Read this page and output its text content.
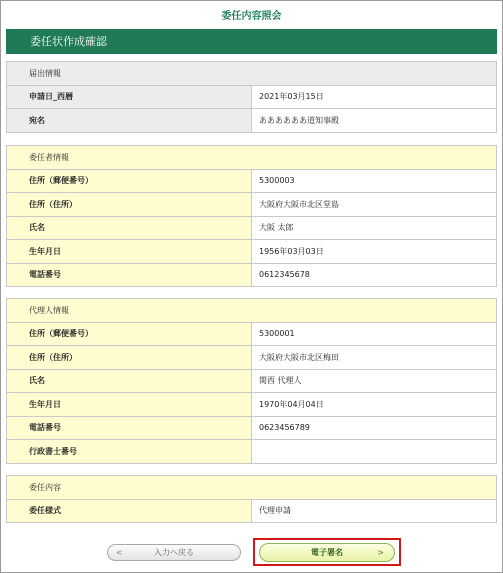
委任内容照会
委任状作成確認
届出情報	
申請日_西暦	2021年03月15日
宛名	ああああああ道知事殿
委任者情報	
住所（郵便番号）	5300003
住所（住所）	大阪府大阪市北区堂島
氏名	大阪 太郎
生年月日	1956年03月03日
電話番号	0612345678
代理人情報	
住所（郵便番号）	5300001
住所（住所）	大阪府大阪市北区梅田
氏名	関西 代理人
生年月日	1970年04月04日
電話番号	0623456789
行政書士番号	
委任内容
委任様式	代理申請
<	入力へ戻る	電子署名	>
